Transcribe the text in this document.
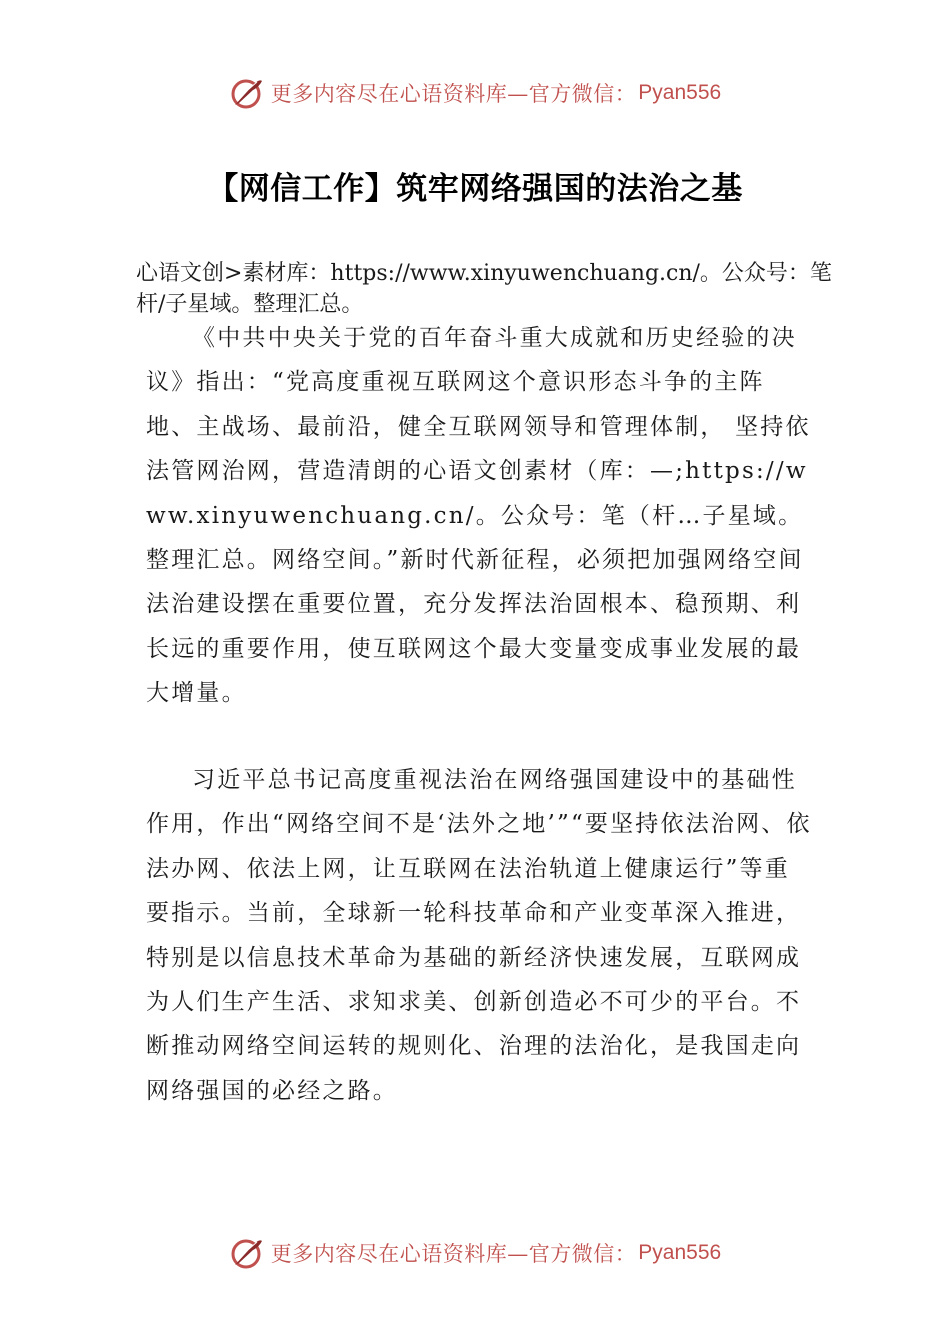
更多内容尽在心语资料库—官方微信： Pyan556
【网信工作】筑牢网络强国的法治之基

心语文创>素材库：https://www.xinyuwenchuang.cn/。公众号：笔杆/子星域。整理汇总。

《中共中央关于党的百年奋斗重大成就和历史经验的决议》指出：“党高度重视互联网这个意识形态斗争的主阵地、主战场、最前沿，健全互联网领导和管理体制， 坚持依法管网治网，营造清朗的心语文创素材（库：—;https://www.xinyuwenchuang.cn/。公众号：笔（杆…子星域。整理汇总。网络空间。”新时代新征程，必须把加强网络空间法治建设摆在重要位置，充分发挥法治固根本、稳预期、利长远的重要作用，使互联网这个最大变量变成事业发展的最大增量。

习近平总书记高度重视法治在网络强国建设中的基础性作用，作出“网络空间不是‘法外之地’”“要坚持依法治网、依法办网、依法上网，让互联网在法治轨道上健康运行”等重要指示。当前，全球新一轮科技革命和产业变革深入推进，特别是以信息技术革命为基础的新经济快速发展，互联网成为人们生产生活、求知求美、创新创造必不可少的平台。不断推动网络空间运转的规则化、治理的法治化，是我国走向网络强国的必经之路。

更多内容尽在心语资料库—官方微信： Pyan556
